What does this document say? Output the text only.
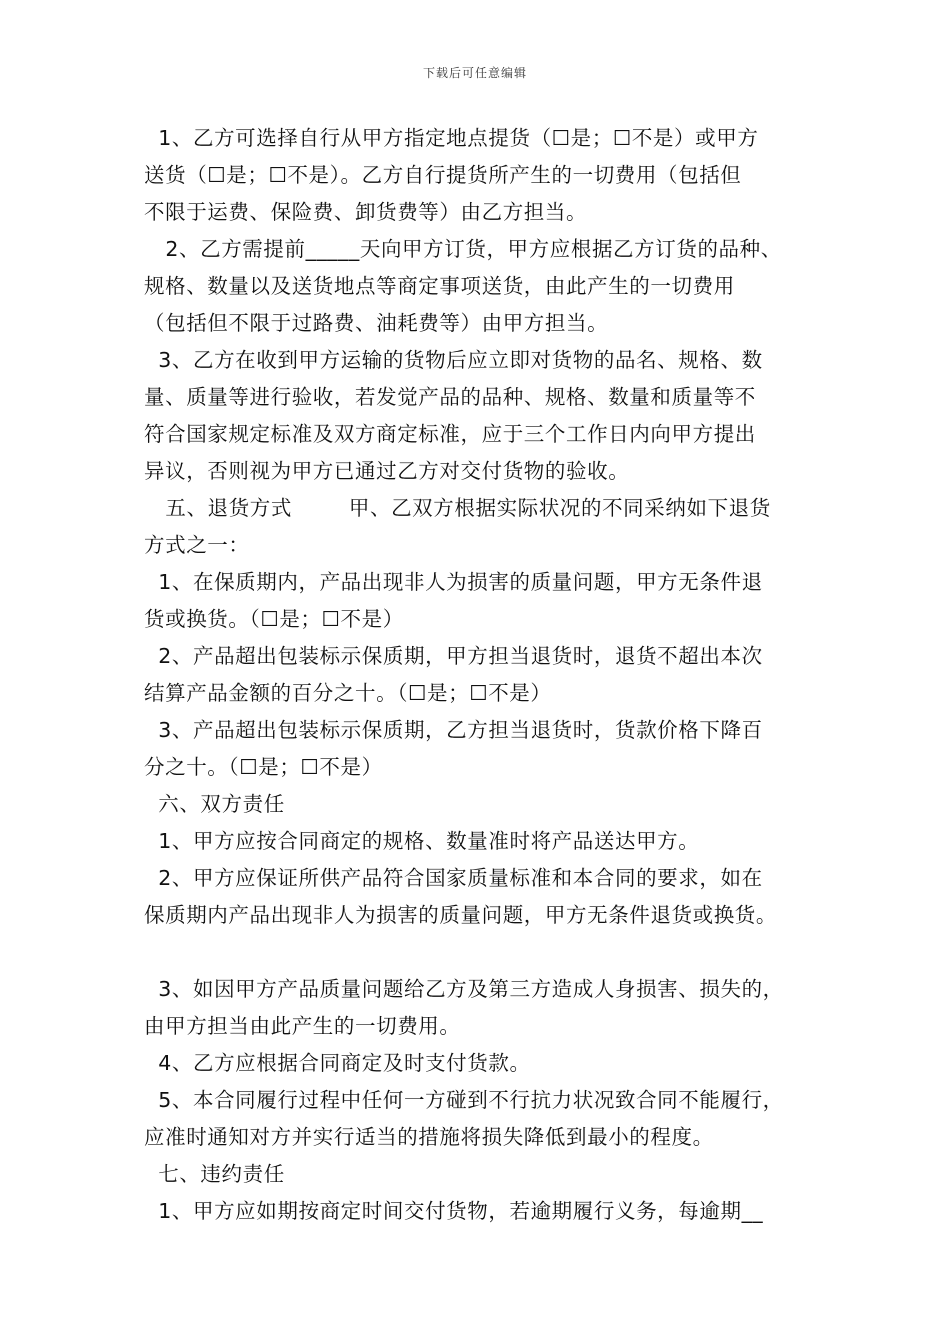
下载后可任意编辑
1、乙方可选择自行从甲方指定地点提货（☐是；☐不是）或甲方
送货（☐是；☐不是）。乙方自行提货所产生的一切费用（包括但
不限于运费、保险费、卸货费等）由乙方担当。
2、乙方需提前_____天向甲方订货，甲方应根据乙方订货的品种、
规格、数量以及送货地点等商定事项送货，由此产生的一切费用
（包括但不限于过路费、油耗费等）由甲方担当。
3、乙方在收到甲方运输的货物后应立即对货物的品名、规格、数
量、质量等进行验收，若发觉产品的品种、规格、数量和质量等不
符合国家规定标准及双方商定标准，应于三个工作日内向甲方提出
异议，否则视为甲方已通过乙方对交付货物的验收。
五、退货方式        甲、乙双方根据实际状况的不同采纳如下退货
方式之一：
1、在保质期内，产品出现非人为损害的质量问题，甲方无条件退
货或换货。（☐是；☐不是）
2、产品超出包装标示保质期，甲方担当退货时，退货不超出本次
结算产品金额的百分之十。（☐是；☐不是）
3、产品超出包装标示保质期，乙方担当退货时，货款价格下降百
分之十。（☐是；☐不是）
六、双方责任
1、甲方应按合同商定的规格、数量准时将产品送达甲方。
2、甲方应保证所供产品符合国家质量标准和本合同的要求，如在
保质期内产品出现非人为损害的质量问题，甲方无条件退货或换货。
3、如因甲方产品质量问题给乙方及第三方造成人身损害、损失的，
由甲方担当由此产生的一切费用。
4、乙方应根据合同商定及时支付货款。
5、本合同履行过程中任何一方碰到不行抗力状况致合同不能履行，
应准时通知对方并实行适当的措施将损失降低到最小的程度。
七、违约责任
1、甲方应如期按商定时间交付货物，若逾期履行义务，每逾期__
